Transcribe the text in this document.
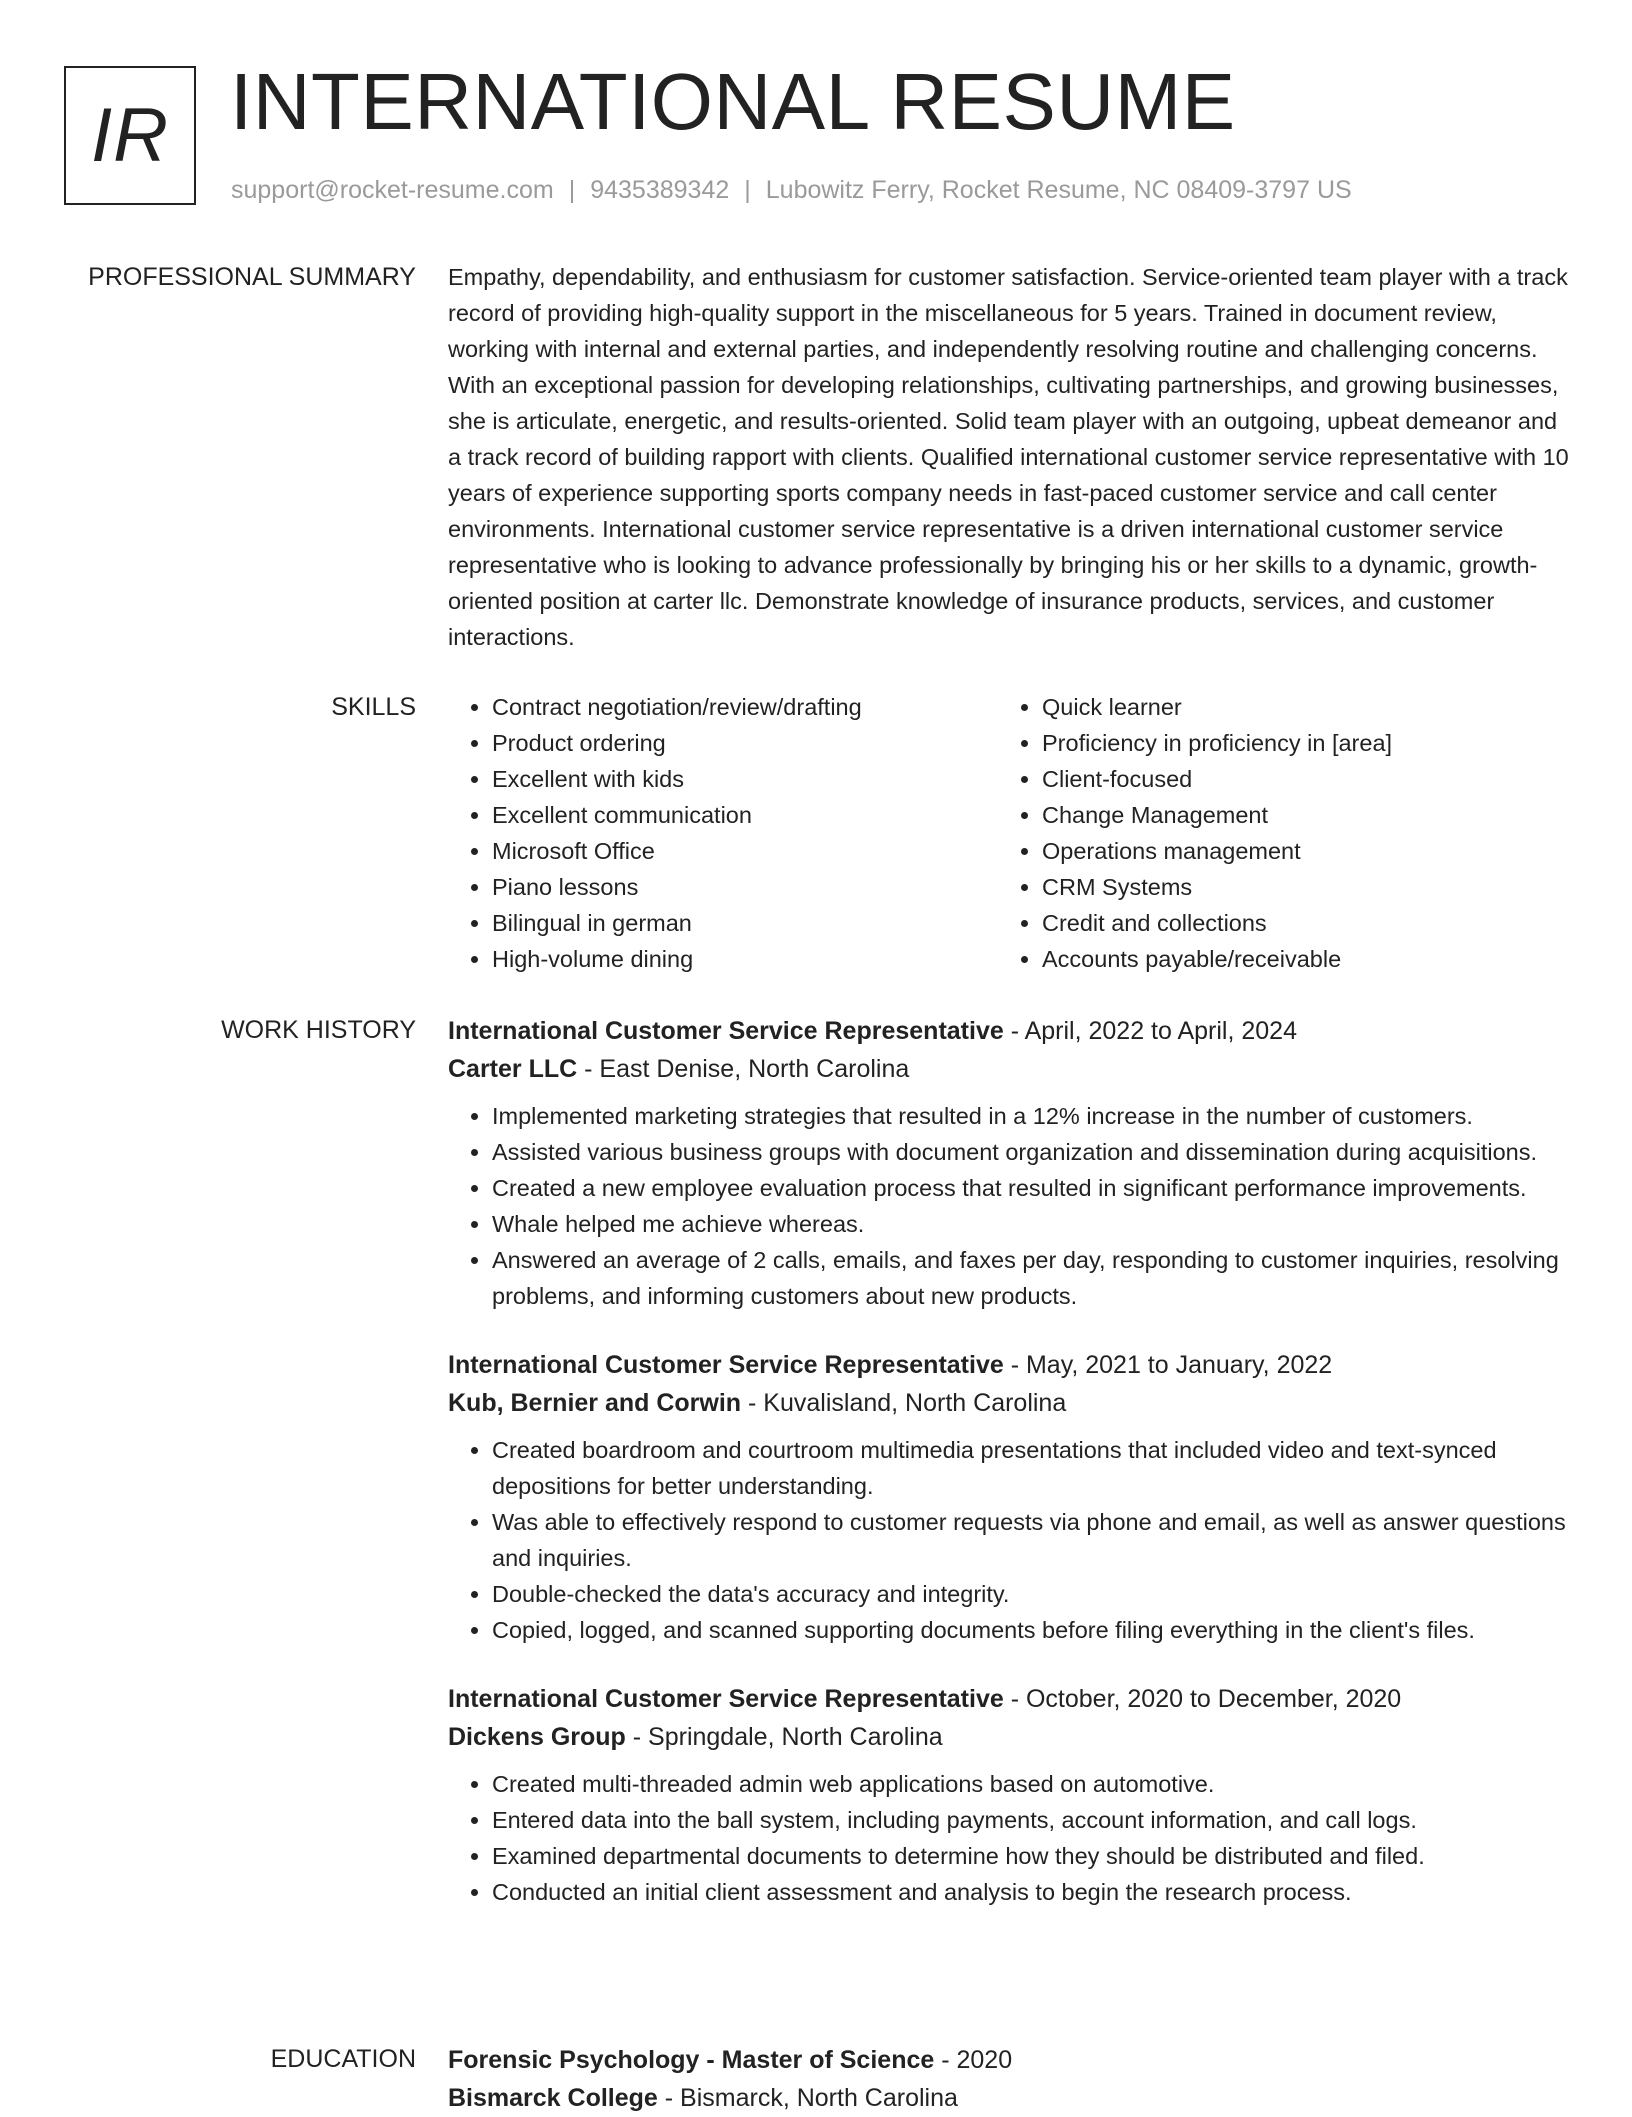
IR INTERNATIONAL RESUME
support@rocket-resume.com | 9435389342 | Lubowitz Ferry, Rocket Resume, NC 08409-3797 US
PROFESSIONAL SUMMARY Empathy, dependability, and enthusiasm for customer satisfaction. Service-oriented team player with a track record of providing high-quality support in the miscellaneous for 5 years. Trained in document review, working with internal and external parties, and independently resolving routine and challenging concerns. With an exceptional passion for developing relationships, cultivating partnerships, and growing businesses, she is articulate, energetic, and results-oriented. Solid team player with an outgoing, upbeat demeanor and a track record of building rapport with clients. Qualified international customer service representative with 10 years of experience supporting sports company needs in fast-paced customer service and call center environments. International customer service representative is a driven international customer service representative who is looking to advance professionally by bringing his or her skills to a dynamic, growth-oriented position at carter llc. Demonstrate knowledge of insurance products, services, and customer interactions.

SKILLS
•	Contract negotiation/review/drafting
• Product ordering
• Excellent with kids
• Excellent communication
• Microsoft Office
• Piano lessons
• Bilingual in german
• High-volume dining
• Quick learner
• Proficiency in proficiency in [area]
• Client-focused
• Change Management
• Operations management
• CRM Systems
• Credit and collections
• Accounts payable/receivable
WORK HISTORY International Customer Service Representative - April, 2022 to April, 2024
Carter LLC - East Denise, North Carolina
• Implemented marketing strategies that resulted in a 12% increase in the number of customers.
• Assisted various business groups with document organization and dissemination during acquisitions.
• Created a new employee evaluation process that resulted in significant performance improvements.
• Whale helped me achieve whereas.
• Answered an average of 2 calls, emails, and faxes per day, responding to customer inquiries, resolving problems, and informing customers about new products.
International Customer Service Representative - May, 2021 to January, 2022
Kub, Bernier and Corwin - Kuvalisland, North Carolina
• Created boardroom and courtroom multimedia presentations that included video and text-synced depositions for better understanding.
• Was able to effectively respond to customer requests via phone and email, as well as answer questions and inquiries.
• Double-checked the data's accuracy and integrity.
• Copied, logged, and scanned supporting documents before filing everything in the client's files.
International Customer Service Representative - October, 2020 to December, 2020
Dickens Group - Springdale, North Carolina
• Created multi-threaded admin web applications based on automotive.
• Entered data into the ball system, including payments, account information, and call logs.
• Examined departmental documents to determine how they should be distributed and filed.
• Conducted an initial client assessment and analysis to begin the research process.
EDUCATION Forensic Psychology - Master of Science - 2020
Bismarck College - Bismarck, North Carolina
